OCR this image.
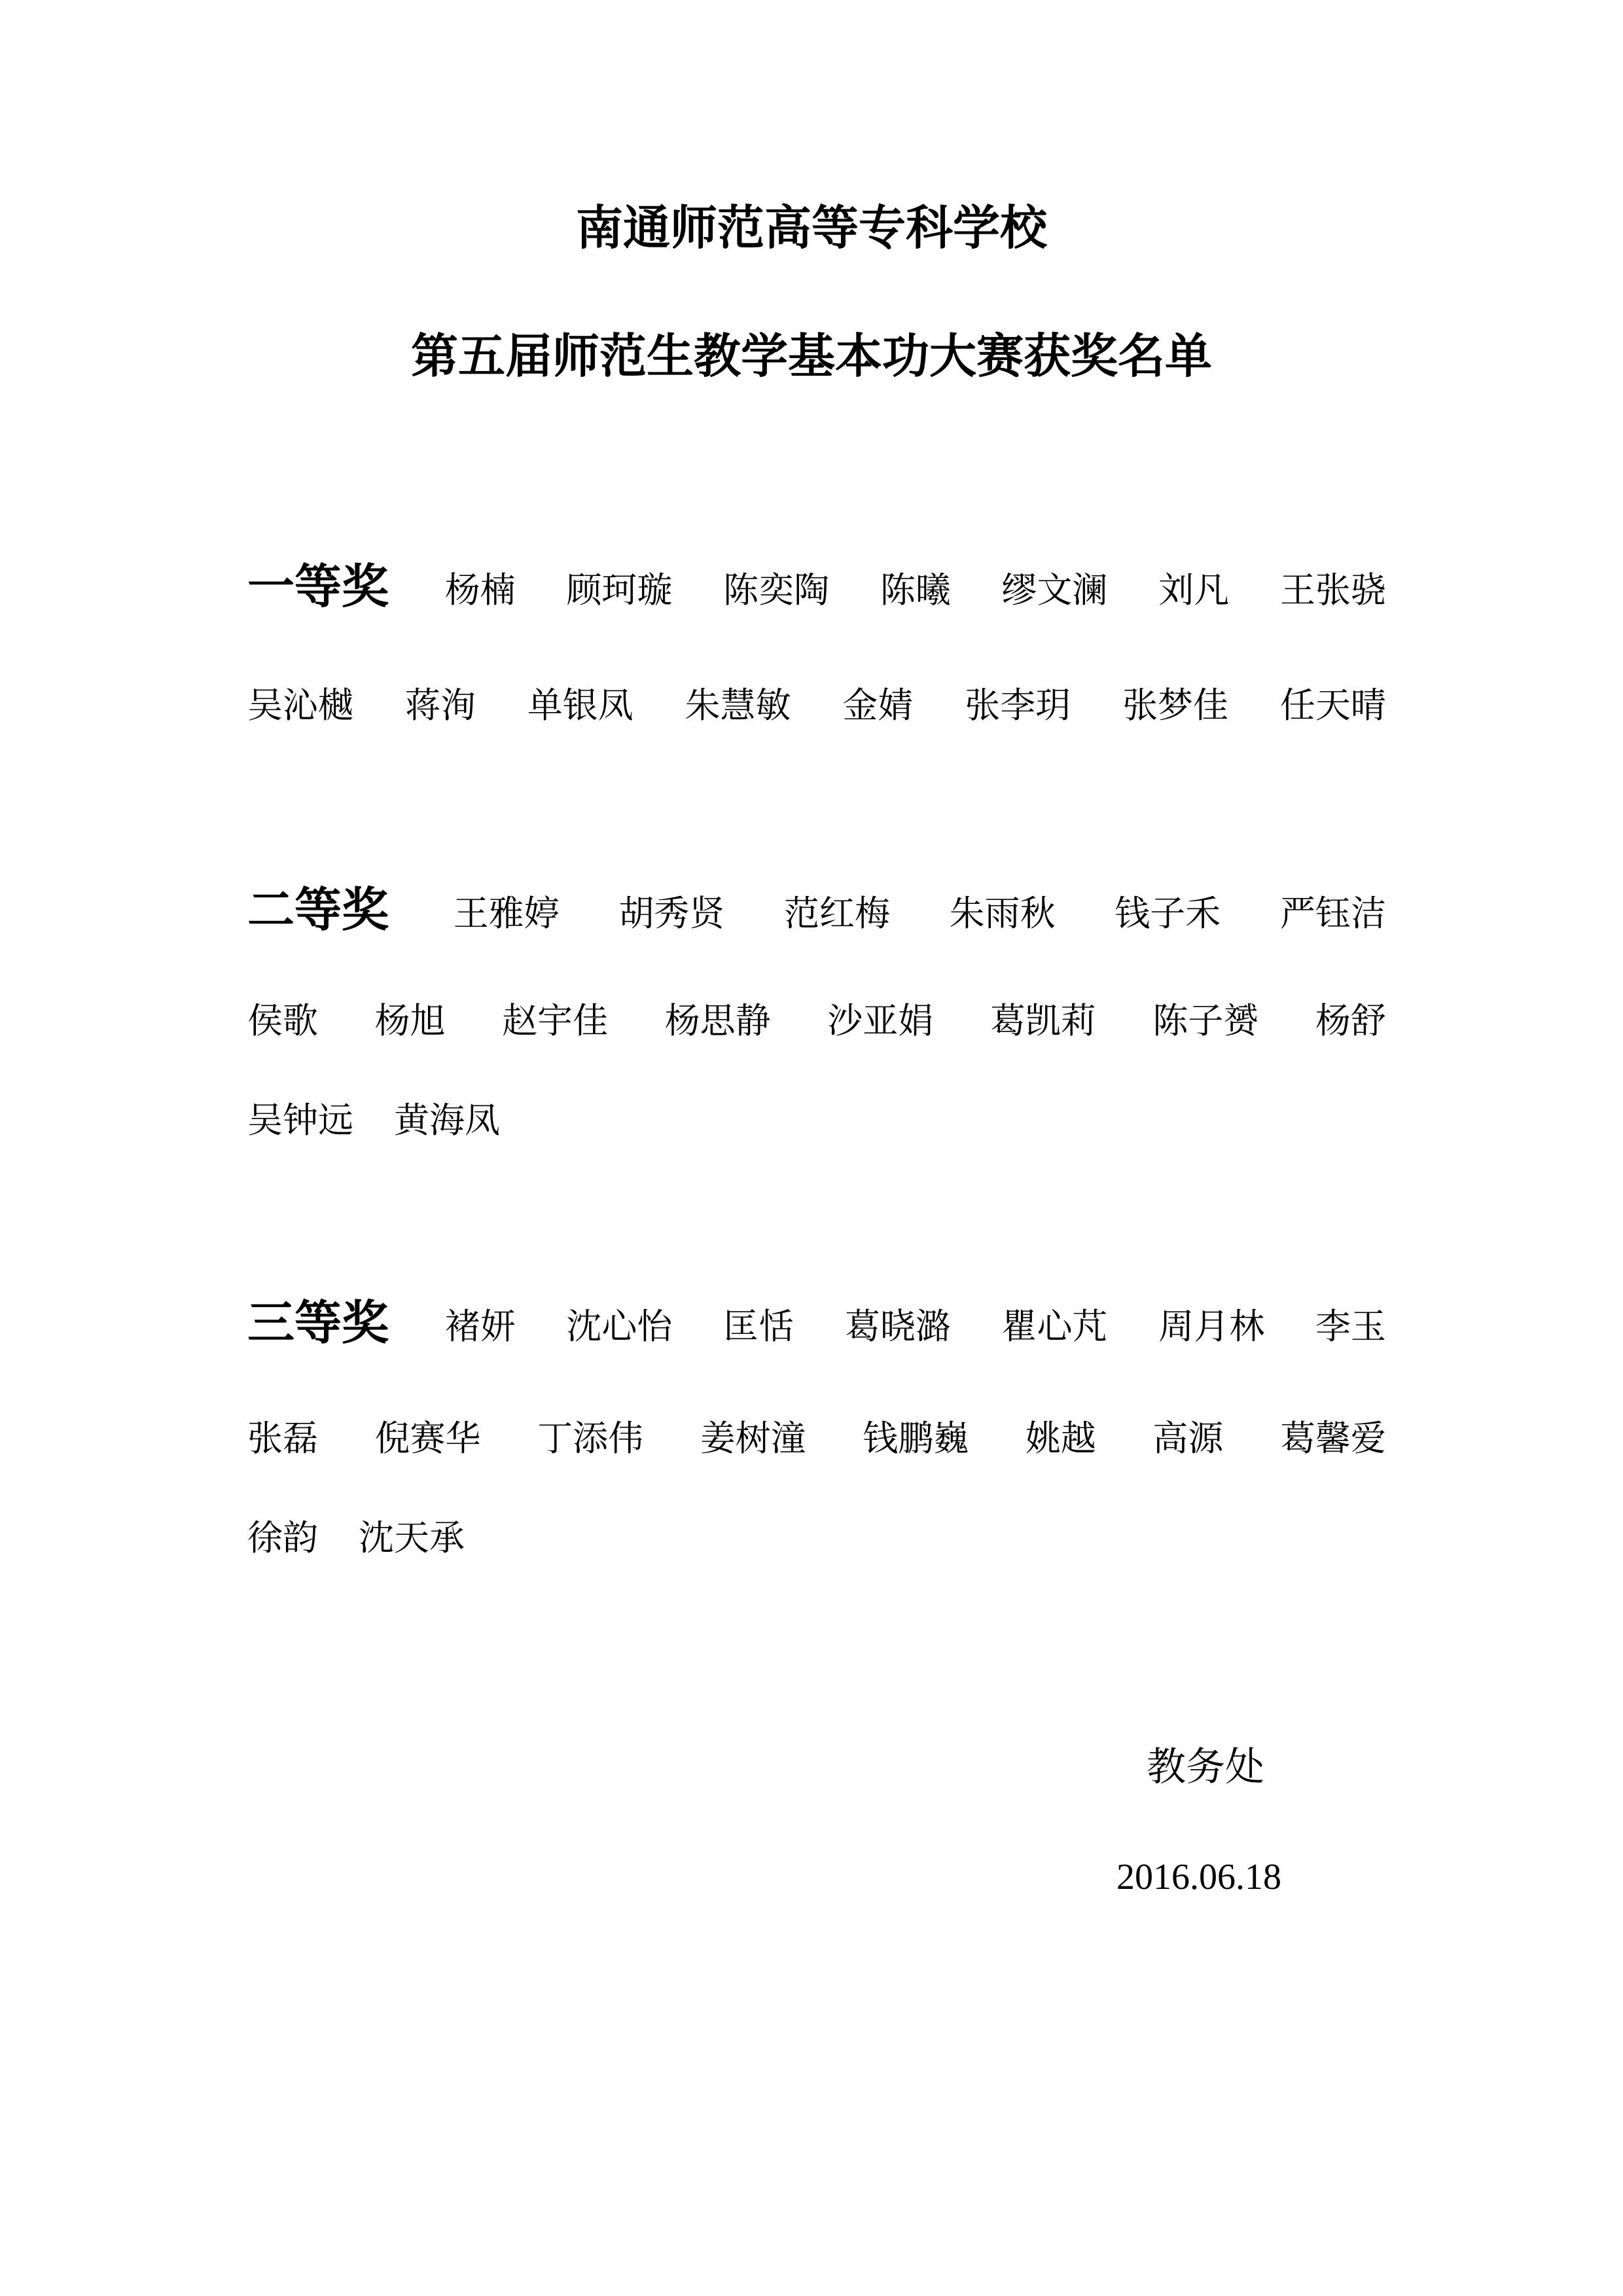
南通师范高等专科学校
第五届师范生教学基本功大赛获奖名单
一等奖 杨楠 顾珂璇 陈奕陶 陈曦 缪文澜 刘凡 王张骁
吴沁樾 蒋洵 单银凤 朱慧敏 金婧 张李玥 张梦佳 任天晴
二等奖 王雅婷 胡秀贤 范红梅 朱雨秋 钱子禾 严钰洁
侯歌 杨旭 赵宇佳 杨思静 沙亚娟 葛凯莉 陈子赟 杨舒
吴钟远 黄海凤
三等奖 褚妍 沈心怡 匡恬 葛晓潞 瞿心芃 周月林 李玉
张磊 倪赛华 丁添伟 姜树潼 钱鹏巍 姚越 高源 葛馨爱
徐韵 沈天承
教务处
2016.06.18
